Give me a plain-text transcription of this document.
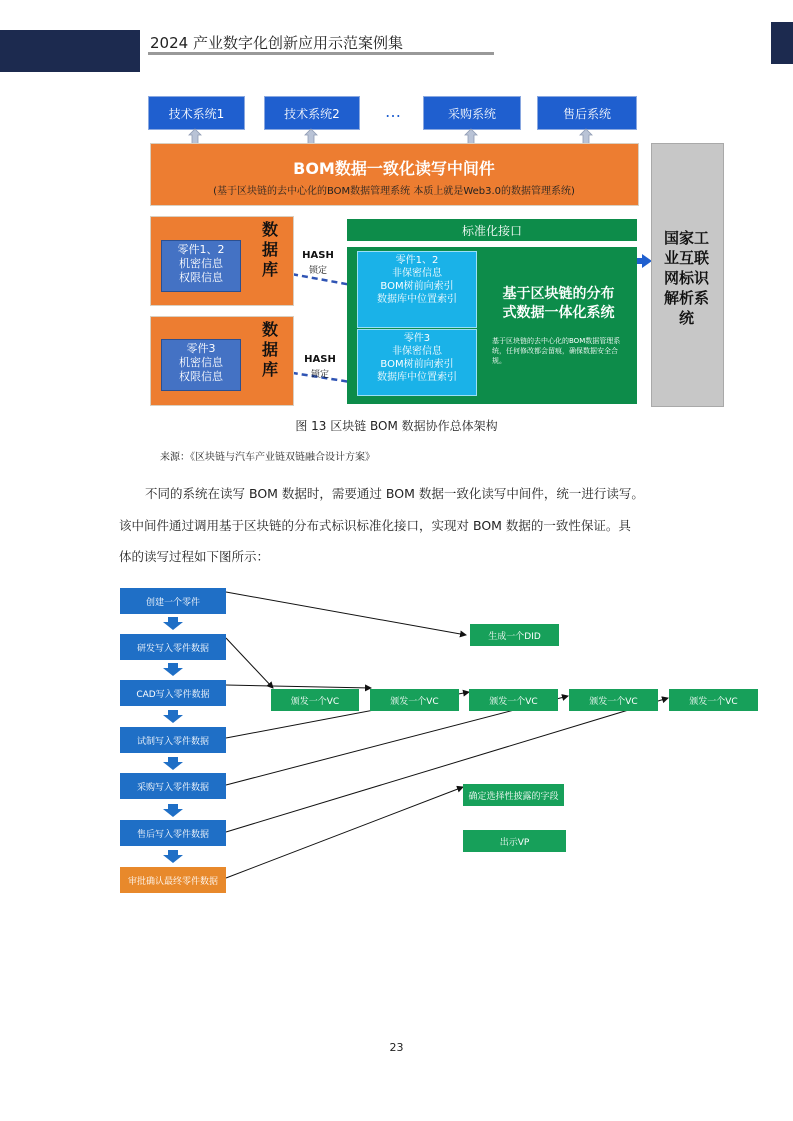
2024 产业数字化创新应用示范案例集
技术系统1	技术系统2	…	采购系统	售后系统
BOM数据一致化读写中间件
(基于区块链的去中心化的BOM数据管理系统 本质上就是Web3.0的数据管理系统)
国家工
业互联
网标识
解析系
统
数据
库
零件1、2
机密信息
权限信息
数据
库
零件3
机密信息
权限信息
HASH
锁定
HASH
锁定
标准化接口
零件1、2
非保密信息
BOM树前向索引
数据库中位置索引
零件3
非保密信息
BOM树前向索引
数据库中位置索引
基于区块链的分布
式数据一体化系统
基于区块链的去中心化的BOM数据管理系统，任何修改都会留痕，确保数据安全合规。
图 13 区块链 BOM 数据协作总体架构
来源：《区块链与汽车产业链双链融合设计方案》
不同的系统在读写 BOM 数据时，需要通过 BOM 数据一致化读写中间件，统一进行读写。
该中间件通过调用基于区块链的分布式标识标准化接口，实现对 BOM 数据的一致性保证。具
体的读写过程如下图所示：
创建一个零件
研发写入零件数据
CAD写入零件数据
试制写入零件数据
采购写入零件数据
售后写入零件数据
审批确认最终零件数据
生成一个DID
颁发一个VC	颁发一个VC	颁发一个VC	颁发一个VC	颁发一个VC
确定选择性披露的字段
出示VP
23
